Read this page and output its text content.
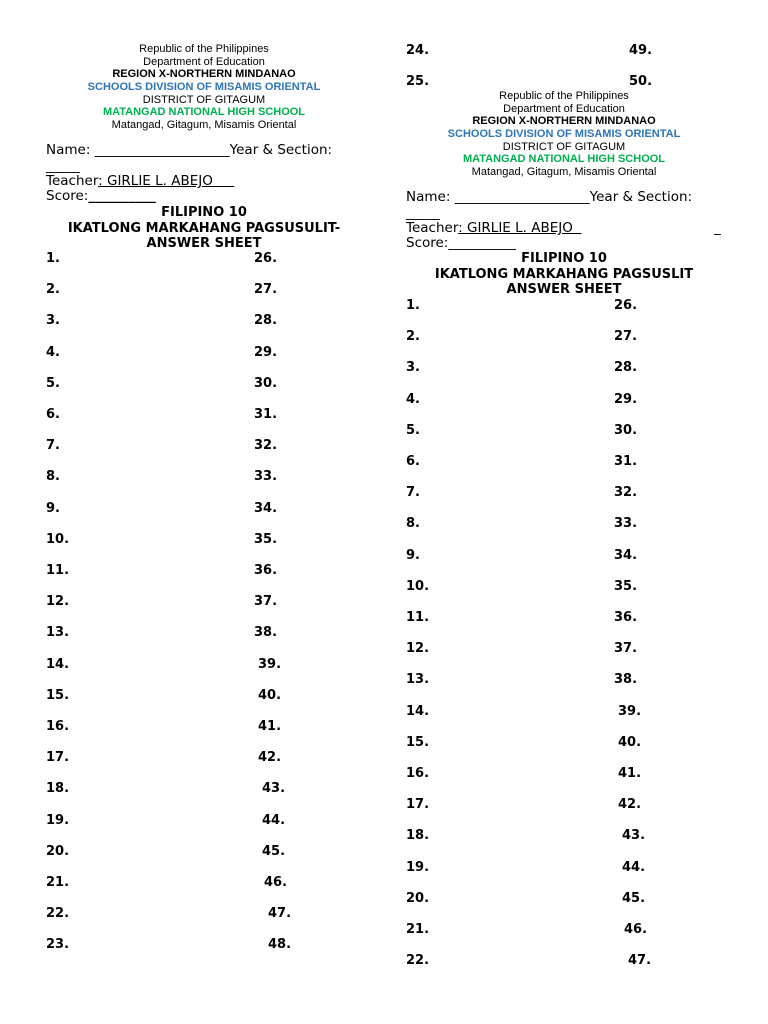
Republic of the Philippines
Department of Education
REGION X-NORTHERN MINDANAO
SCHOOLS DIVISION OF MISAMIS ORIENTAL
DISTRICT OF GITAGUM
MATANGAD NATIONAL HIGH SCHOOL
Matangad, Gitagum, Misamis Oriental
Name: ____________________Year & Section:
_____
Teacher: GIRLIE L. ABEJO
Score:__________
FILIPINO 10
IKATLONG MARKAHANG PAGSUSULIT-
ANSWER SHEET
1.	26.
2.	27.
3.	28.
4.	29.
5.	30.
6.	31.
7.	32.
8.	33.
9.	34.
10.	35.
11.	36.
12.	37.
13.	38.
14.	39.
15.	40.
16.	41.
17.	42.
18.	43.
19.	44.
20.	45.
21.	46.
22.	47.
23.	48.
24.	49.
25.	50.
Republic of the Philippines
Department of Education
REGION X-NORTHERN MINDANAO
SCHOOLS DIVISION OF MISAMIS ORIENTAL
DISTRICT OF GITAGUM
MATANGAD NATIONAL HIGH SCHOOL
Matangad, Gitagum, Misamis Oriental
Name: ____________________Year & Section:
_____
Teacher: GIRLIE L. ABEJO	_
Score:__________
FILIPINO 10
IKATLONG MARKAHANG PAGSUSLIT
ANSWER SHEET
1.	26.
2.	27.
3.	28.
4.	29.
5.	30.
6.	31.
7.	32.
8.	33.
9.	34.
10.	35.
11.	36.
12.	37.
13.	38.
14.	39.
15.	40.
16.	41.
17.	42.
18.	43.
19.	44.
20.	45.
21.	46.
22.	47.
